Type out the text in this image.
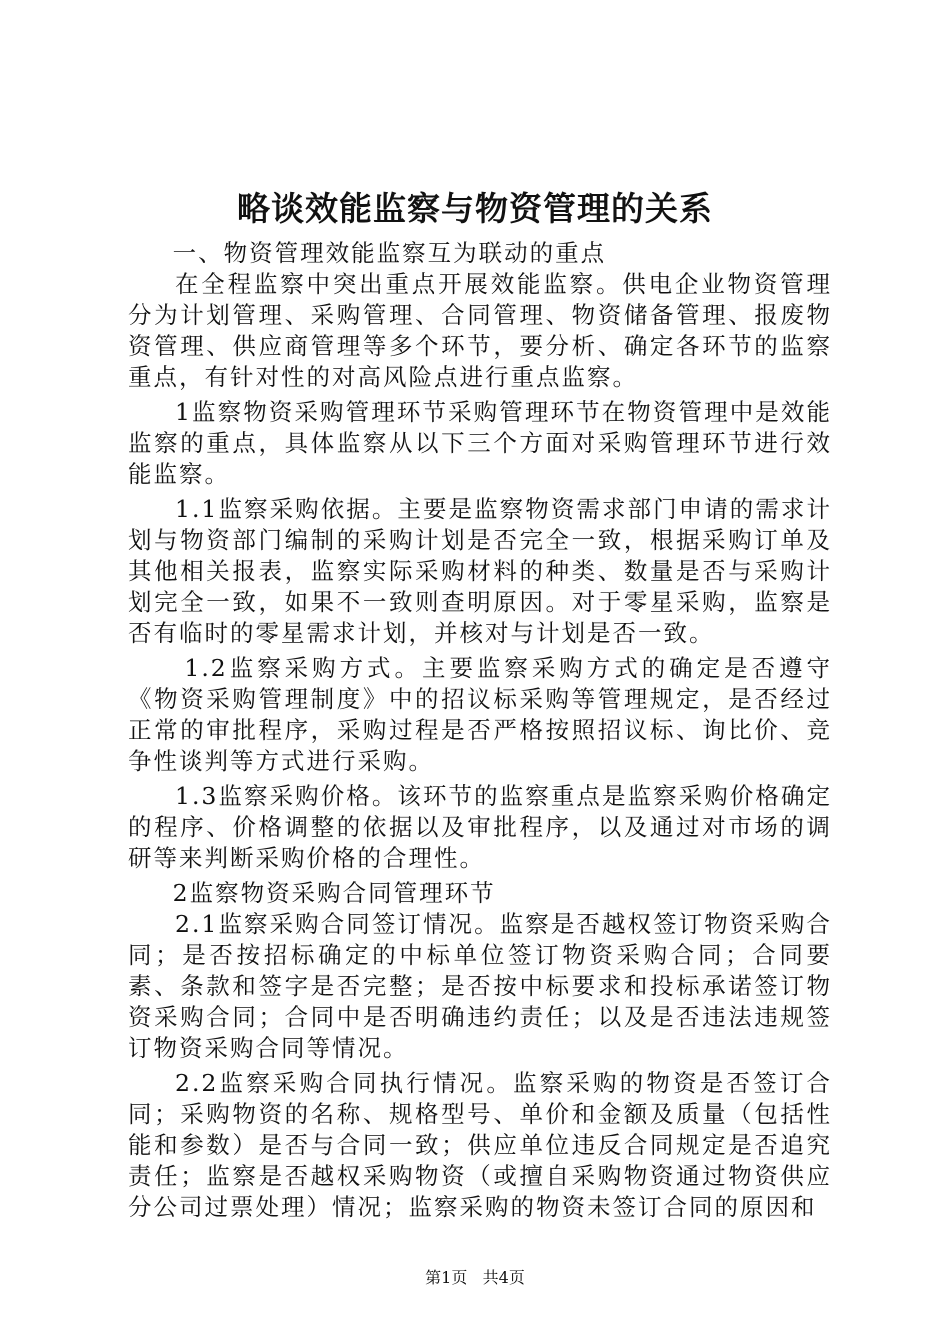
略谈效能监察与物资管理的关系

一、物资管理效能监察互为联动的重点

在全程监察中突出重点开展效能监察。供电企业物资管理分为计划管理、采购管理、合同管理、物资储备管理、报废物资管理、供应商管理等多个环节，要分析、确定各环节的监察重点，有针对性的对高风险点进行重点监察。

1监察物资采购管理环节采购管理环节在物资管理中是效能监察的重点，具体监察从以下三个方面对采购管理环节进行效能监察。

1.1监察采购依据。主要是监察物资需求部门申请的需求计划与物资部门编制的采购计划是否完全一致，根据采购订单及其他相关报表，监察实际采购材料的种类、数量是否与采购计划完全一致，如果不一致则查明原因。对于零星采购，监察是否有临时的零星需求计划，并核对与计划是否一致。

1.2监察采购方式。主要监察采购方式的确定是否遵守《物资采购管理制度》中的招议标采购等管理规定，是否经过正常的审批程序，采购过程是否严格按照招议标、询比价、竞争性谈判等方式进行采购。

1.3监察采购价格。该环节的监察重点是监察采购价格确定的程序、价格调整的依据以及审批程序，以及通过对市场的调研等来判断采购价格的合理性。

2监察物资采购合同管理环节

2.1监察采购合同签订情况。监察是否越权签订物资采购合同；是否按招标确定的中标单位签订物资采购合同；合同要素、条款和签字是否完整；是否按中标要求和投标承诺签订物资采购合同；合同中是否明确违约责任；以及是否违法违规签订物资采购合同等情况。

2.2监察采购合同执行情况。监察采购的物资是否签订合同；采购物资的名称、规格型号、单价和金额及质量（包括性能和参数）是否与合同一致；供应单位违反合同规定是否追究责任；监察是否越权采购物资（或擅自采购物资通过物资供应分公司过票处理）情况；监察采购的物资未签订合同的原因和

第1页 共4页
